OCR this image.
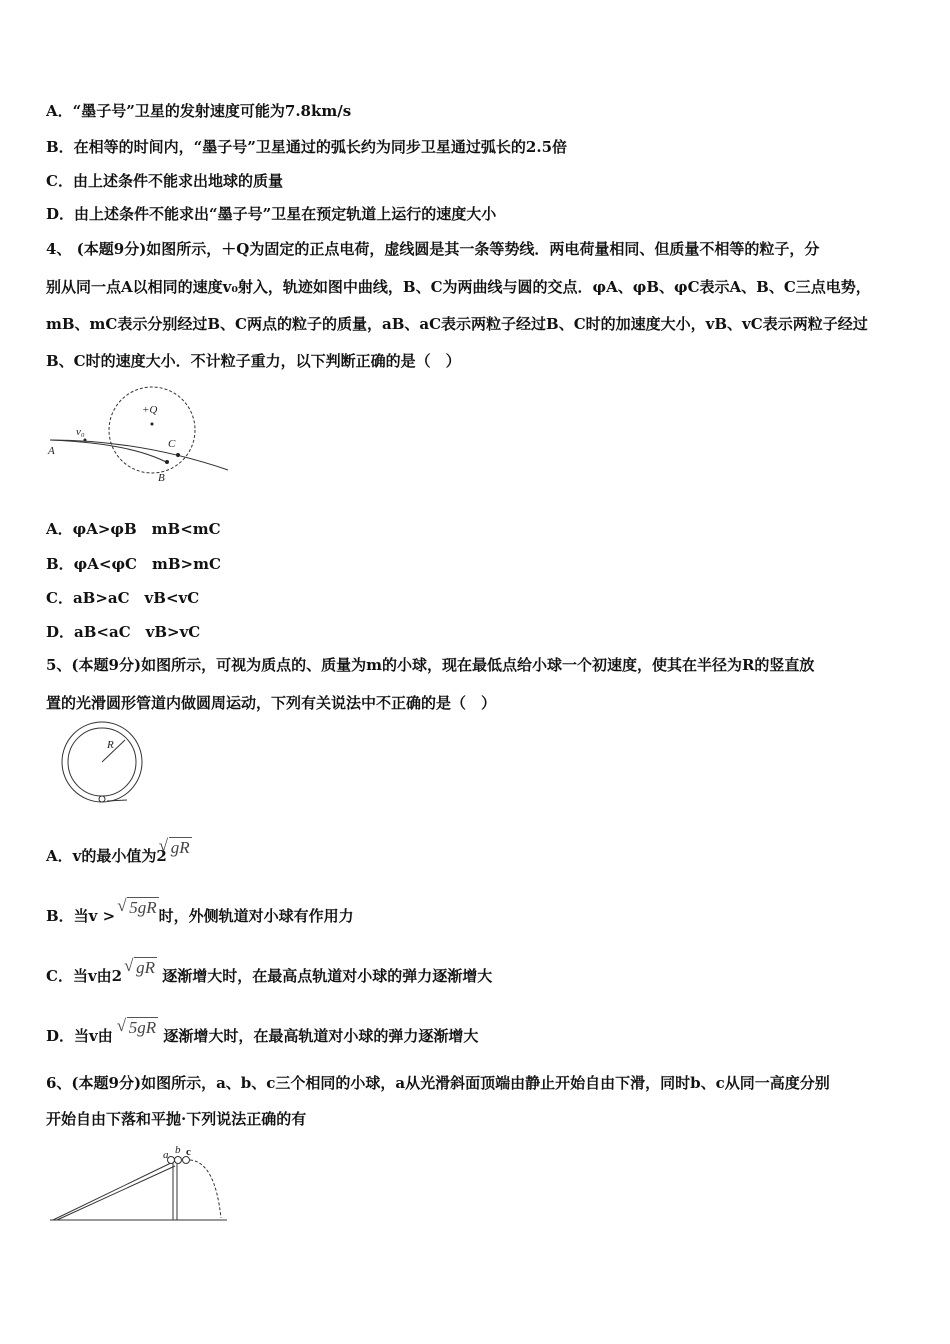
A．“墨子号”卫星的发射速度可能为7.8km/s
B．在相等的时间内，“墨子号”卫星通过的弧长约为同步卫星通过弧长的2.5倍
C．由上述条件不能求出地球的质量
D．由上述条件不能求出“墨子号”卫星在预定轨道上运行的速度大小
4、 (本题9分)如图所示，＋Q为固定的正点电荷，虚线圆是其一条等势线．两电荷量相同、但质量不相等的粒子，分
别从同一点A以相同的速度v₀射入，轨迹如图中曲线，B、C为两曲线与圆的交点．φA、φB、φC表示A、B、C三点电势，
mB、mC表示分别经过B、C两点的粒子的质量，aB、aC表示两粒子经过B、C时的加速度大小，vB、vC表示两粒子经过
B、C时的速度大小．不计粒子重力，以下判断正确的是（　）
v₀
+Q
A
B
C
A．φA>φB　mB<mC
B．φA<φC　mB>mC
C．aB>aC　vB<vC
D．aB<aC　vB>vC
5、(本题9分)如图所示，可视为质点的、质量为m的小球，现在最低点给小球一个初速度，使其在半径为R的竖直放
置的光滑圆形管道内做圆周运动，下列有关说法中不正确的是（　）
R
A．v的最小值为2 √ gR
B．当v > √ 5gR 时，外侧轨道对小球有作用力
C．当v由2 √ gR 逐渐增大时，在最高点轨道对小球的弹力逐渐增大
D．当v由 √ 5gR 逐渐增大时，在最高轨道对小球的弹力逐渐增大
6、(本题9分)如图所示，a、b、c三个相同的小球，a从光滑斜面顶端由静止开始自由下滑，同时b、c从同一高度分别
开始自由下落和平抛·下列说法正确的有
a b c
